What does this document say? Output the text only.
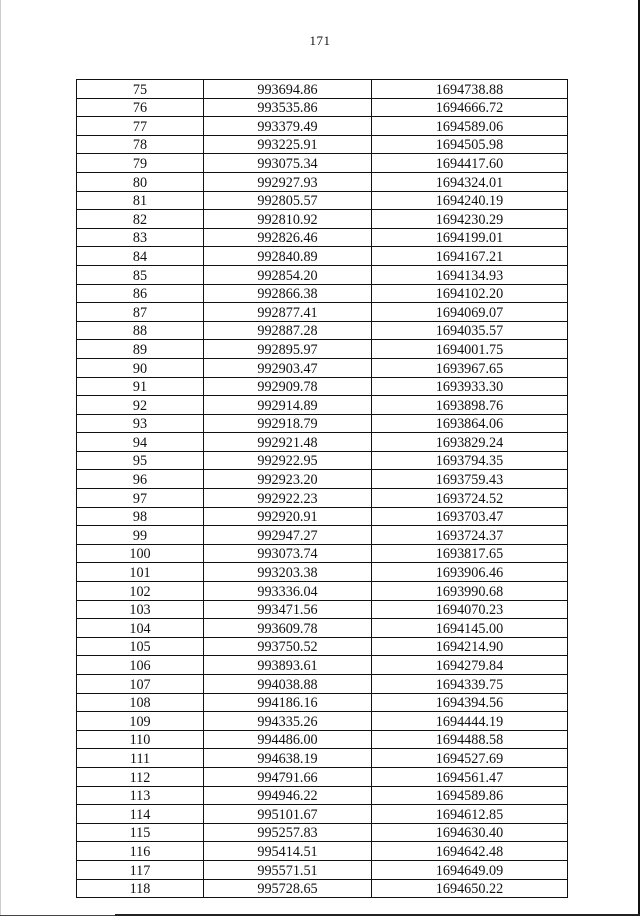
171
75	993694.86	1694738.88
76	993535.86	1694666.72
77	993379.49	1694589.06
78	993225.91	1694505.98
79	993075.34	1694417.60
80	992927.93	1694324.01
81	992805.57	1694240.19
82	992810.92	1694230.29
83	992826.46	1694199.01
84	992840.89	1694167.21
85	992854.20	1694134.93
86	992866.38	1694102.20
87	992877.41	1694069.07
88	992887.28	1694035.57
89	992895.97	1694001.75
90	992903.47	1693967.65
91	992909.78	1693933.30
92	992914.89	1693898.76
93	992918.79	1693864.06
94	992921.48	1693829.24
95	992922.95	1693794.35
96	992923.20	1693759.43
97	992922.23	1693724.52
98	992920.91	1693703.47
99	992947.27	1693724.37
100	993073.74	1693817.65
101	993203.38	1693906.46
102	993336.04	1693990.68
103	993471.56	1694070.23
104	993609.78	1694145.00
105	993750.52	1694214.90
106	993893.61	1694279.84
107	994038.88	1694339.75
108	994186.16	1694394.56
109	994335.26	1694444.19
110	994486.00	1694488.58
111	994638.19	1694527.69
112	994791.66	1694561.47
113	994946.22	1694589.86
114	995101.67	1694612.85
115	995257.83	1694630.40
116	995414.51	1694642.48
117	995571.51	1694649.09
118	995728.65	1694650.22
